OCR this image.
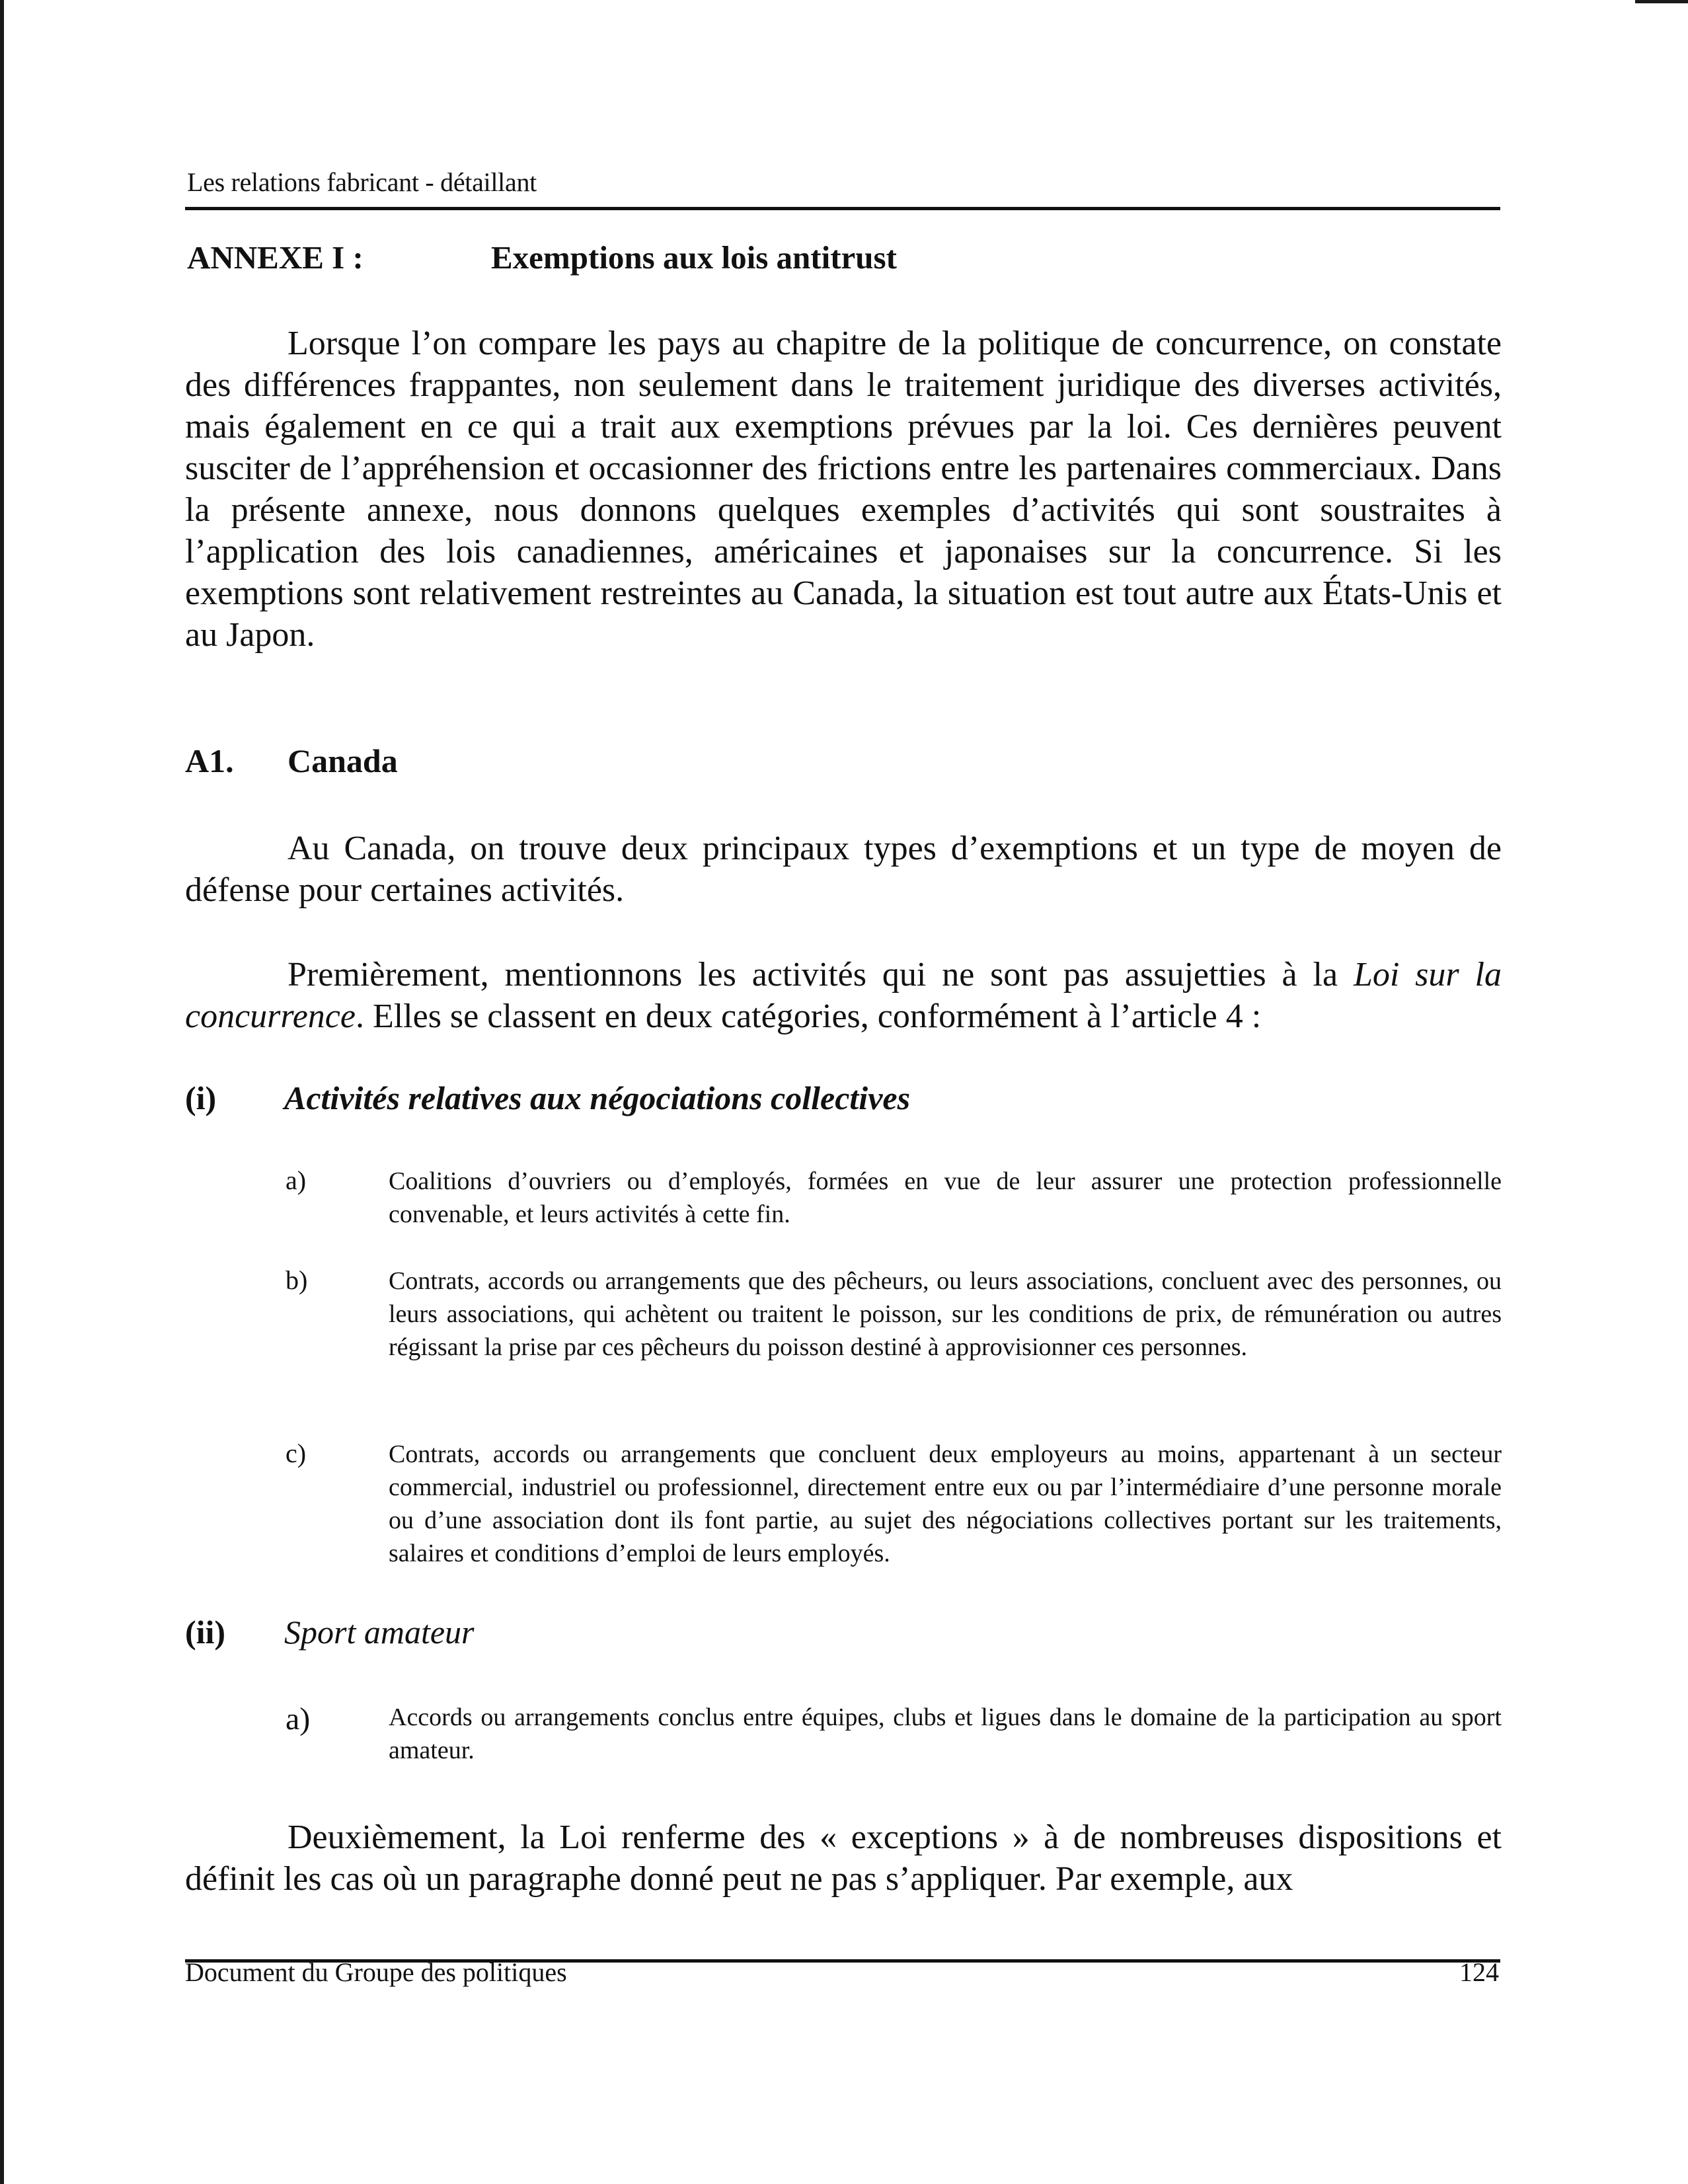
Les relations fabricant - détaillant
ANNEXE I :	Exemptions aux lois antitrust

Lorsque l’on compare les pays au chapitre de la politique de concurrence, on constate des différences frappantes, non seulement dans le traitement juridique des diverses activités, mais également en ce qui a trait aux exemptions prévues par la loi. Ces dernières peuvent susciter de l’appréhension et occasionner des frictions entre les partenaires commerciaux. Dans la présente annexe, nous donnons quelques exemples d’activités qui sont soustraites à l’application des lois canadiennes, américaines et japonaises sur la concurrence. Si les exemptions sont relativement restreintes au Canada, la situation est tout autre aux États-Unis et au Japon.

A1. Canada

Au Canada, on trouve deux principaux types d’exemptions et un type de moyen de défense pour certaines activités.

Premièrement, mentionnons les activités qui ne sont pas assujetties à la Loi sur la concurrence. Elles se classent en deux catégories, conformément à l’article 4 :

(i) Activités relatives aux négociations collectives
a)	Coalitions d’ouvriers ou d’employés, formées en vue de leur assurer une protection professionnelle convenable, et leurs activités à cette fin.

b)	Contrats, accords ou arrangements que des pêcheurs, ou leurs associations, concluent avec des personnes, ou leurs associations, qui achètent ou traitent le poisson, sur les conditions de prix, de rémunération ou autres régissant la prise par ces pêcheurs du poisson destiné à approvisionner ces personnes.

c)	Contrats, accords ou arrangements que concluent deux employeurs au moins, appartenant à un secteur commercial, industriel ou professionnel, directement entre eux ou par l’intermédiaire d’une personne morale ou d’une association dont ils font partie, au sujet des négociations collectives portant sur les traitements, salaires et conditions d’emploi de leurs employés.

(ii) Sport amateur
a)	Accords ou arrangements conclus entre équipes, clubs et ligues dans le domaine de la participation au sport amateur.

Deuxièmement, la Loi renferme des « exceptions » à de nombreuses dispositions et définit les cas où un paragraphe donné peut ne pas s’appliquer. Par exemple, aux

Document du Groupe des politiques	124
